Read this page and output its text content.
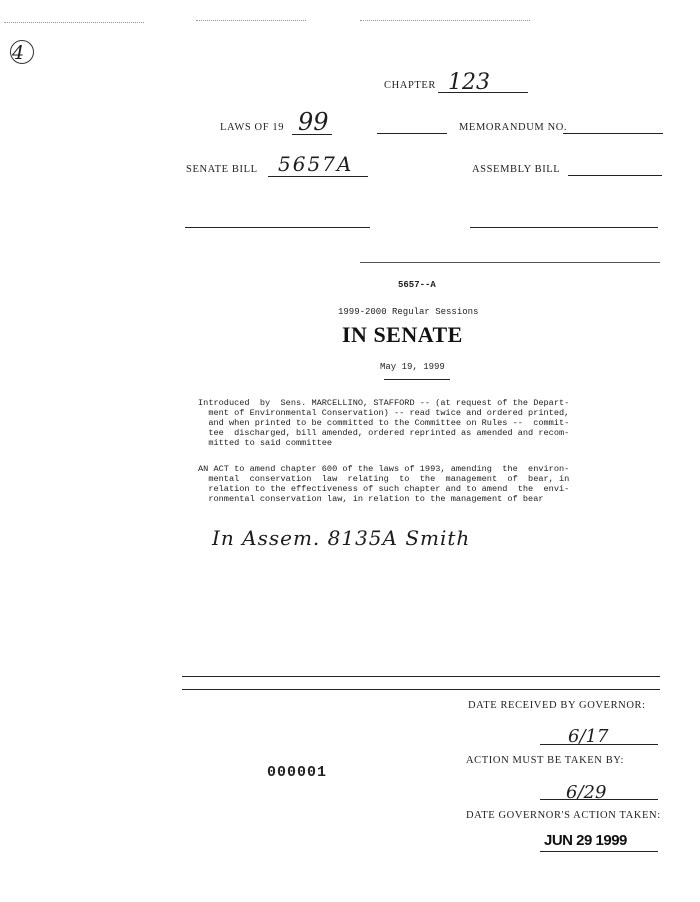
4
CHAPTER 123
LAWS OF 19 99	MEMORANDUM NO.
SENATE BILL 5657A	ASSEMBLY BILL
5657--A
1999-2000 Regular Sessions
IN SENATE
May 19, 1999
Introduced  by  Sens. MARCELLINO, STAFFORD -- (at request of the Depart-
ment of Environmental Conservation) -- read twice and ordered printed,
and when printed to be committed to the Committee on Rules --  commit-
tee  discharged, bill amended, ordered reprinted as amended and recom-
mitted to said committee
AN ACT to amend chapter 600 of the laws of 1993, amending  the  environ-
mental  conservation  law  relating  to  the  management  of  bear, in
relation to the effectiveness of such chapter and to amend  the  envi-
ronmental conservation law, in relation to the management of bear
In Assem. 8135A Smith
DATE RECEIVED BY GOVERNOR:
6/17
ACTION MUST BE TAKEN BY:
6/29
DATE GOVERNOR'S ACTION TAKEN:
JUN 29 1999
000001
